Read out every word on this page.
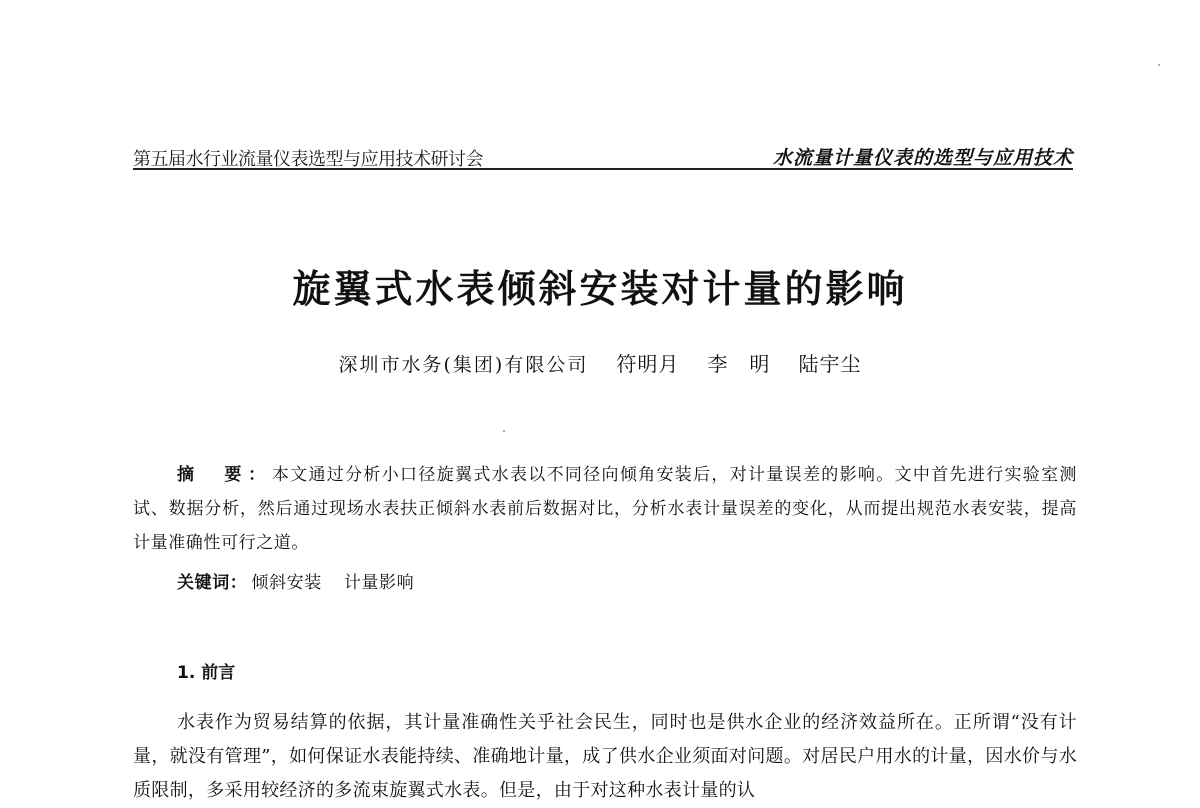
第五届水行业流量仪表选型与应用技术研讨会	水流量计量仪表的选型与应用技术
旋翼式水表倾斜安装对计量的影响
深圳市水务(集团)有限公司 符明月 李　明 陆宇尘
摘　要：本文通过分析小口径旋翼式水表以不同径向倾角安装后，对计量误差的影响。文中首先进行实验室测试、数据分析，然后通过现场水表扶正倾斜水表前后数据对比，分析水表计量误差的变化，从而提出规范水表安装，提高计量准确性可行之道。
关键词： 倾斜安装 计量影响
1. 前言
水表作为贸易结算的依据，其计量准确性关乎社会民生，同时也是供水企业的经济效益所在。正所谓“没有计量，就没有管理”，如何保证水表能持续、准确地计量，成了供水企业须面对问题。对居民户用水的计量，因水价与水质限制，多采用较经济的多流束旋翼式水表。但是，由于对这种水表计量的认
